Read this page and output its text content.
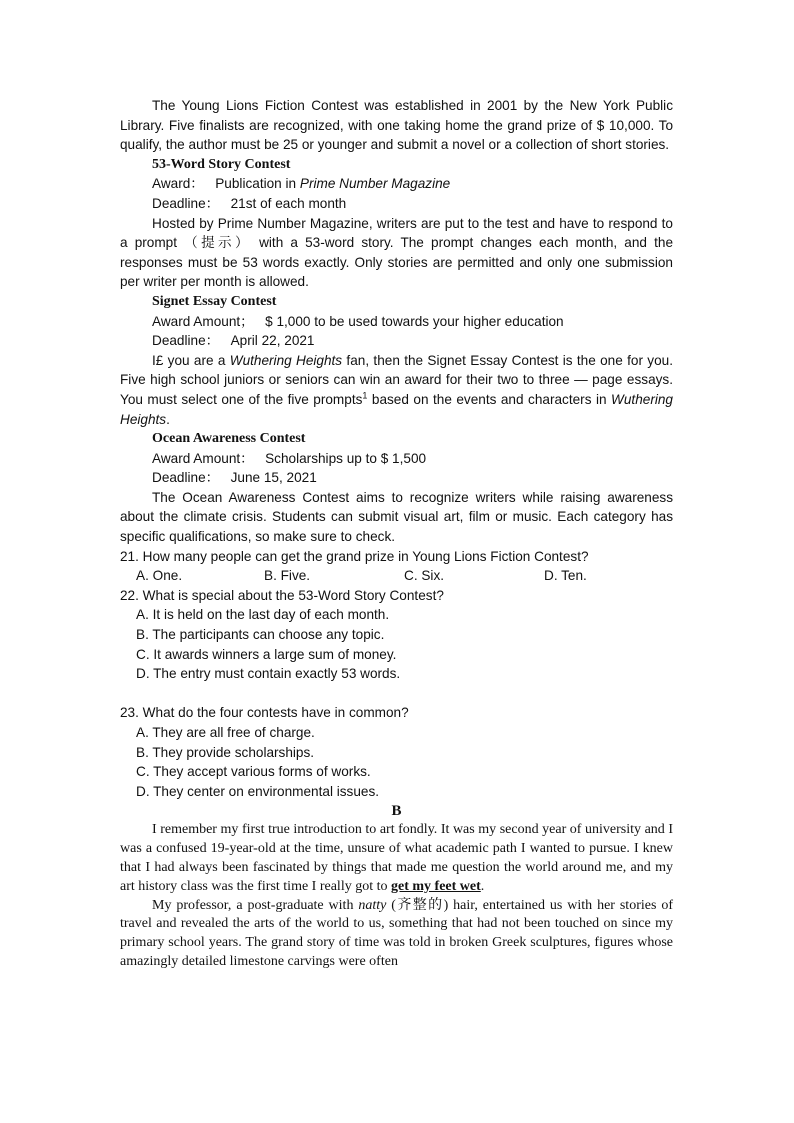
The Young Lions Fiction Contest was established in 2001 by the New York Public Library. Five finalists are recognized, with one taking home the grand prize of $ 10,000. To qualify, the author must be 25 or younger and submit a novel or a collection of short stories.

53-Word Story Contest

Award： Publication in Prime Number Magazine

Deadline： 21st of each month

Hosted by Prime Number Magazine, writers are put to the test and have to respond to a prompt （提示） with a 53-word story. The prompt changes each month, and the responses must be 53 words exactly. Only stories are permitted and only one submission per writer per month is allowed.

Signet Essay Contest

Award Amount； $ 1,000 to be used towards your higher education

Deadline： April 22, 2021

I£ you are a Wuthering Heights fan, then the Signet Essay Contest is the one for you. Five high school juniors or seniors can win an award for their two to three — page essays. You must select one of the five prompts$^1$ based on the events and characters in Wuthering Heights.

Ocean Awareness Contest

Award Amount： Scholarships up to $ 1,500

Deadline： June 15, 2021

The Ocean Awareness Contest aims to recognize writers while raising awareness about the climate crisis. Students can submit visual art, film or music. Each category has specific qualifications, so make sure to check.

21. How many people can get the grand prize in Young Lions Fiction Contest?

A. One.	B. Five.	C. Six.	D. Ten.

22. What is special about the 53-Word Story Contest?

A. It is held on the last day of each month.

B. The participants can choose any topic.

C. It awards winners a large sum of money.

D. The entry must contain exactly 53 words.

23. What do the four contests have in common?

A. They are all free of charge.

B. They provide scholarships.

C. They accept various forms of works.

D. They center on environmental issues.

B

I remember my first true introduction to art fondly. It was my second year of university and I was a confused 19-year-old at the time, unsure of what academic path I wanted to pursue. I knew that I had always been fascinated by things that made me question the world around me, and my art history class was the first time I really got to get my feet wet.

My professor, a post-graduate with natty (齐整的) hair, entertained us with her stories of travel and revealed the arts of the world to us, something that had not been touched on since my primary school years. The grand story of time was told in broken Greek sculptures, figures whose amazingly detailed limestone carvings were often
